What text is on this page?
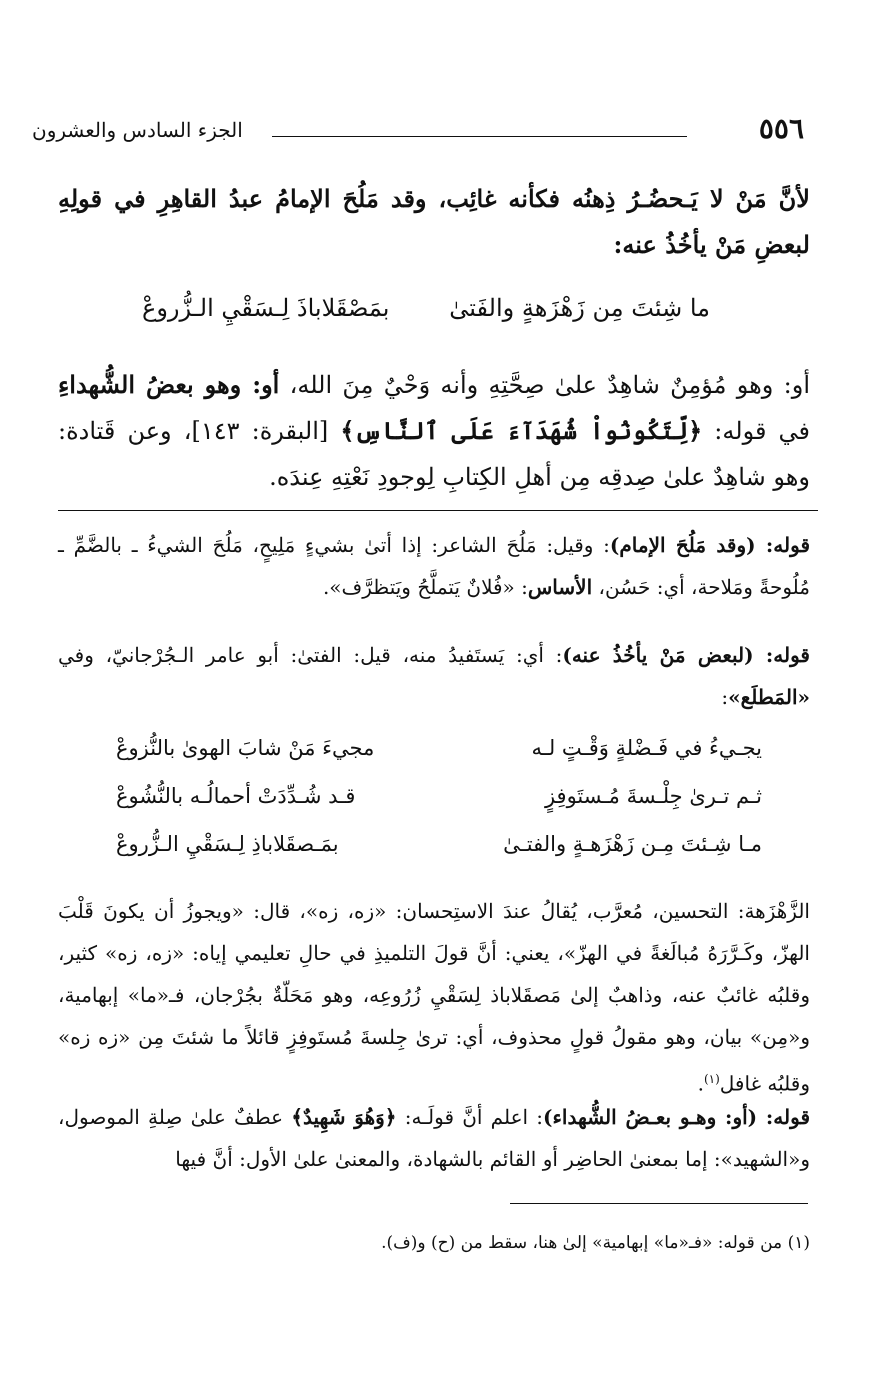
الجزء السادس والعشرون	٥٥٦

لأنَّ مَنْ لا يَـحضُـرُ ذِهنُه فكأنه غائِب، وقد مَلُحَ الإمامُ عبدُ القاهِرِ في قولِهِ لبعضِ مَنْ يأخُذُ عنه:

ما شِئتَ مِن زَهْزَهةٍ والفَتىٰ
بمَصْقَلاباذَ لِـسَقْيِ الـزُّروعْ

أو: وهو مُؤمِنٌ شاهِدٌ علىٰ صِحَّتِهِ وأنه وَحْيٌ مِنَ الله، أو: وهو بعضُ الشُّهداءِ في قوله: ﴿لِّتَكُونُواْ شُهَدَآءَ عَلَى ٱلنَّاسِ﴾ [البقرة: ١٤٣]، وعن قَتادة: وهو شاهِدٌ علىٰ صِدقِه مِن أهلِ الكِتابِ لِوجودِ نَعْتِهِ عِندَه.

قوله: (وقد مَلُحَ الإمام): وقيل: مَلُحَ الشاعر: إذا أتىٰ بشيءٍ مَلِيحٍ، مَلُحَ الشيءُ ـ بالضَّمِّ ـ مُلُوحةً ومَلاحة، أي: حَسُن، الأساس: «فُلانٌ يَتملَّحُ ويَتظرَّف».

قوله: (لبعض مَنْ يأخُذُ عنه): أي: يَستَفيدُ منه، قيل: الفتىٰ: أبو عامر الـجُرْجانيّ، وفي «المَطلَع»:

يجـيءُ في فَـضْلةٍ وَقْـتٍ لـه
مجيءَ مَنْ شابَ الهوىٰ بالنُّزوعْ
ثـم تـرىٰ جِلْـسةَ مُـستَوفِزٍ
قـد شُـدِّدَتْ أحمالُـه بالنُّشُوعْ
مـا شِـئتَ مِـن زَهْزَهـةٍ والفتـىٰ
بمَـصقَلاباذِ لِـسَقْيِ الـزُّروعْ

الزَّهْزَهة: التحسين، مُعرَّب، يُقالُ عندَ الاستِحسان: «زه، زه»، قال: «ويجوزُ أن يكونَ قَلْبَ الهزّ، وكَـرَّرَهُ مُبالَغةً في الهزّ»، يعني: أنَّ قولَ التلميذِ في حالِ تعليمي إياه: «زه، زه» كثير، وقلبُه غائبٌ عنه، وذاهبٌ إلىٰ مَصقَلاباذ لِسَقْيِ زُرُوعِه، وهو مَحَلّةٌ بجُرْجان، فـ«ما» إبهامية، و«مِن» بيان، وهو مقولُ قولٍ محذوف، أي: ترىٰ جِلسةَ مُستَوفِزٍ قائلاً ما شئتَ مِن «زه زه» وقلبُه غافل$^{(١)}$.

قوله: (أو: وهـو بعـضُ الشُّهداء): اعلم أنَّ قولَـه: ﴿وَهُوَ شَهِيدٌ﴾ عطفٌ علىٰ صِلةِ الموصول، و«الشهيد»: إما بمعنىٰ الحاضِر أو القائم بالشهادة، والمعنىٰ علىٰ الأول: أنَّ فيها

(١) من قوله: «فـ«ما» إبهامية» إلىٰ هنا، سقط من (ح) و(ف).
